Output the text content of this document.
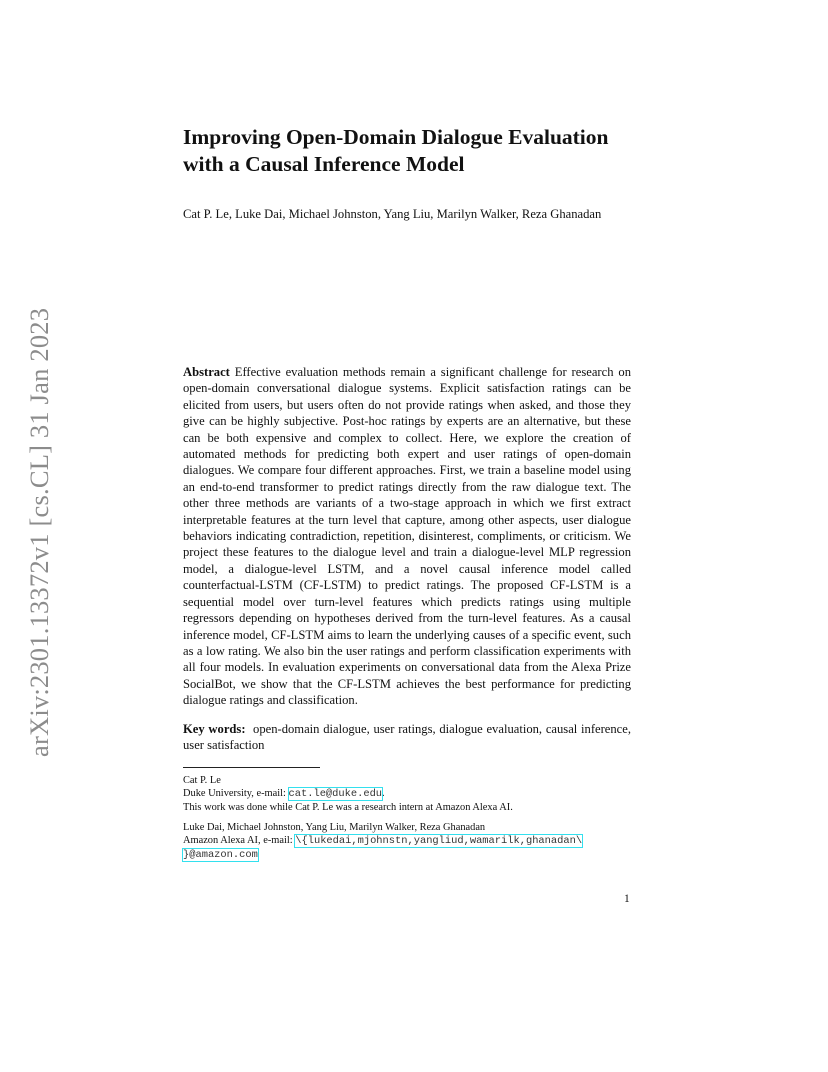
arXiv:2301.13372v1 [cs.CL] 31 Jan 2023
Improving Open-Domain Dialogue Evaluation
with a Causal Inference Model
Cat P. Le, Luke Dai, Michael Johnston, Yang Liu, Marilyn Walker, Reza Ghanadan

Abstract Effective evaluation methods remain a significant challenge for research on open-domain conversational dialogue systems. Explicit satisfaction ratings can be elicited from users, but users often do not provide ratings when asked, and those they give can be highly subjective. Post-hoc ratings by experts are an alternative, but these can be both expensive and complex to collect. Here, we explore the creation of automated methods for predicting both expert and user ratings of open-domain dialogues. We compare four different approaches. First, we train a baseline model using an end-to-end transformer to predict ratings directly from the raw dialogue text. The other three methods are variants of a two-stage approach in which we first extract interpretable features at the turn level that capture, among other aspects, user dialogue behaviors indicating contradiction, repetition, disinterest, compliments, or criticism. We project these features to the dialogue level and train a dialogue-level MLP regression model, a dialogue-level LSTM, and a novel causal inference model called counterfactual-LSTM (CF-LSTM) to predict ratings. The proposed CF-LSTM is a sequential model over turn-level features which predicts ratings using multiple regressors depending on hypotheses derived from the turn-level features. As a causal inference model, CF-LSTM aims to learn the underlying causes of a specific event, such as a low rating. We also bin the user ratings and perform classification experiments with all four models. In evaluation experiments on conversational data from the Alexa Prize SocialBot, we show that the CF-LSTM achieves the best performance for predicting dialogue ratings and classification.

Key words: open-domain dialogue, user ratings, dialogue evaluation, causal inference, user satisfaction

Cat P. Le
Duke University, e-mail: cat.le@duke.edu.
This work was done while Cat P. Le was a research intern at Amazon Alexa AI.
Luke Dai, Michael Johnston, Yang Liu, Marilyn Walker, Reza Ghanadan
Amazon Alexa AI, e-mail: \{lukedai,mjohnstn,yangliud,wamarilk,ghanadan\
}@amazon.com
1
